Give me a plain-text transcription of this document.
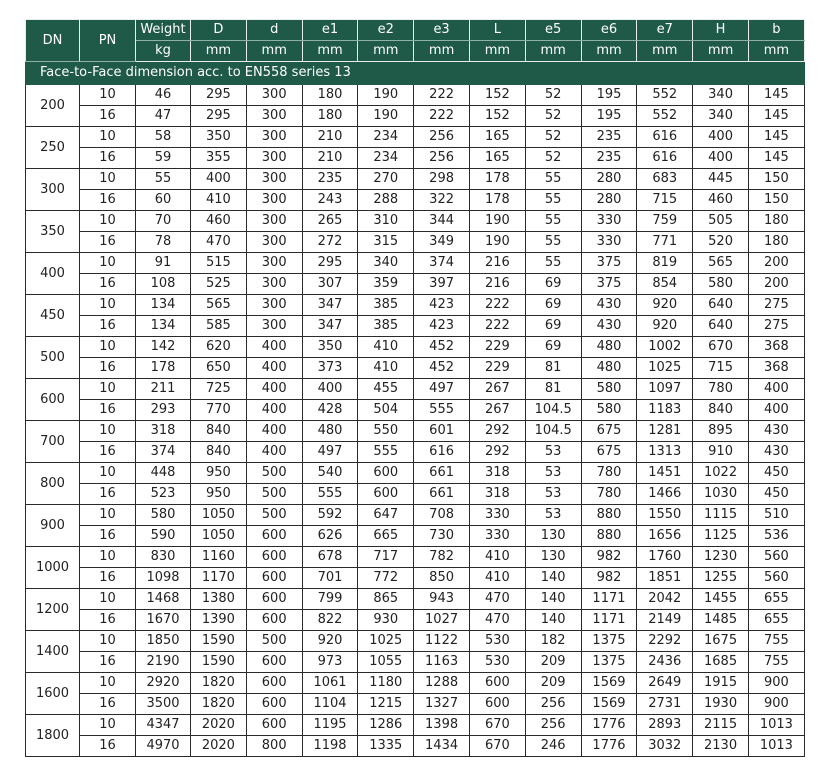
DN	PN	Weight	D	d	e1	e2	e3	L	e5	e6	e7	H	b
		kg	mm	mm	mm	mm	mm	mm	mm	mm	mm	mm	mm
Face-to-Face dimension acc. to EN558 series 13													
200	10	46	295	300	180	190	222	152	52	195	552	340	145
	16	47	295	300	180	190	222	152	52	195	552	340	145
250	10	58	350	300	210	234	256	165	52	235	616	400	145
	16	59	355	300	210	234	256	165	52	235	616	400	145
300	10	55	400	300	235	270	298	178	55	280	683	445	150
	16	60	410	300	243	288	322	178	55	280	715	460	150
350	10	70	460	300	265	310	344	190	55	330	759	505	180
	16	78	470	300	272	315	349	190	55	330	771	520	180
400	10	91	515	300	295	340	374	216	55	375	819	565	200
	16	108	525	300	307	359	397	216	69	375	854	580	200
450	10	134	565	300	347	385	423	222	69	430	920	640	275
	16	134	585	300	347	385	423	222	69	430	920	640	275
500	10	142	620	400	350	410	452	229	69	480	1002	670	368
	16	178	650	400	373	410	452	229	81	480	1025	715	368
600	10	211	725	400	400	455	497	267	81	580	1097	780	400
	16	293	770	400	428	504	555	267	104.5	580	1183	840	400
700	10	318	840	400	480	550	601	292	104.5	675	1281	895	430
	16	374	840	400	497	555	616	292	53	675	1313	910	430
800	10	448	950	500	540	600	661	318	53	780	1451	1022	450
	16	523	950	500	555	600	661	318	53	780	1466	1030	450
900	10	580	1050	500	592	647	708	330	53	880	1550	1115	510
	16	590	1050	600	626	665	730	330	130	880	1656	1125	536
1000	10	830	1160	600	678	717	782	410	130	982	1760	1230	560
	16	1098	1170	600	701	772	850	410	140	982	1851	1255	560
1200	10	1468	1380	600	799	865	943	470	140	1171	2042	1455	655
	16	1670	1390	600	822	930	1027	470	140	1171	2149	1485	655
1400	10	1850	1590	500	920	1025	1122	530	182	1375	2292	1675	755
	16	2190	1590	600	973	1055	1163	530	209	1375	2436	1685	755
1600	10	2920	1820	600	1061	1180	1288	600	209	1569	2649	1915	900
	16	3500	1820	600	1104	1215	1327	600	256	1569	2731	1930	900
1800	10	4347	2020	600	1195	1286	1398	670	256	1776	2893	2115	1013
	16	4970	2020	800	1198	1335	1434	670	246	1776	3032	2130	1013
